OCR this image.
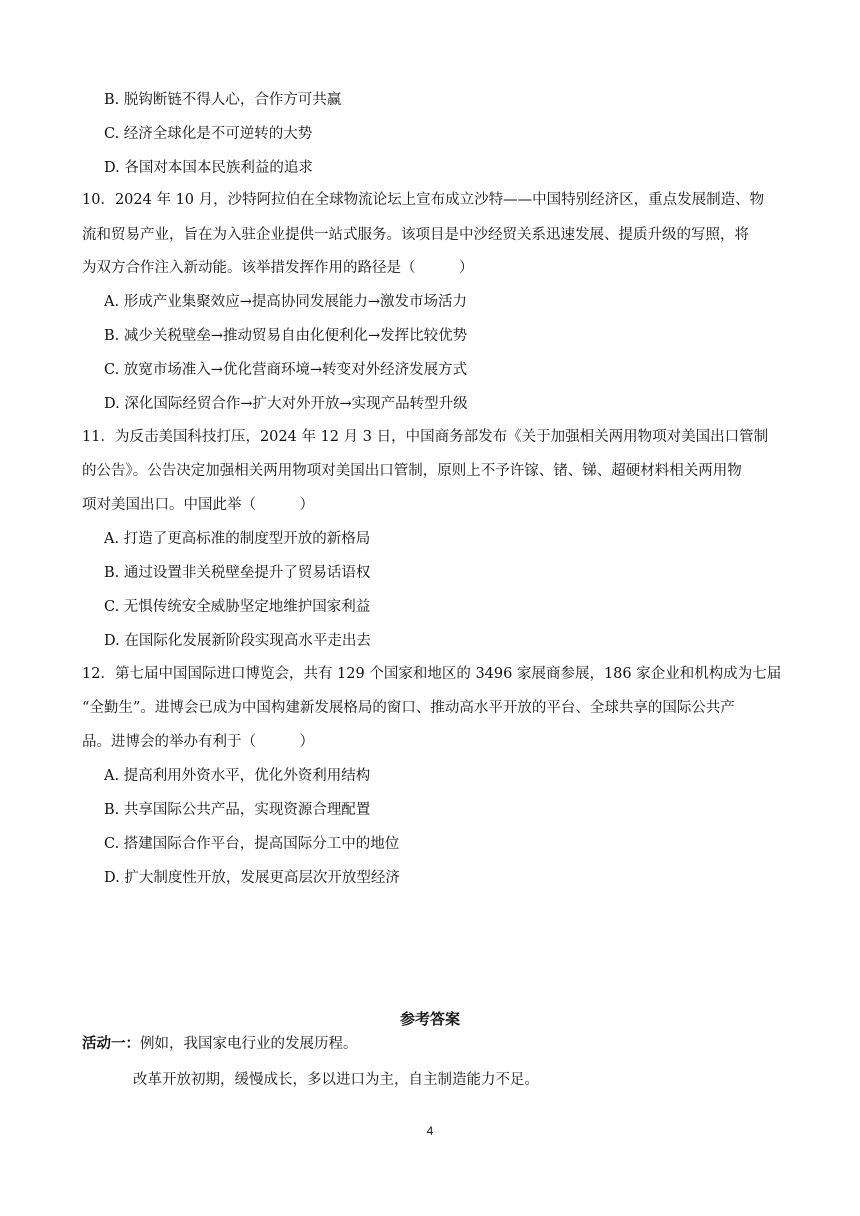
B. 脱钩断链不得人心，合作方可共赢
C. 经济全球化是不可逆转的大势
D. 各国对本国本民族利益的追求
10．2024 年 10 月，沙特阿拉伯在全球物流论坛上宣布成立沙特——中国特别经济区，重点发展制造、物
流和贸易产业，旨在为入驻企业提供一站式服务。该项目是中沙经贸关系迅速发展、提质升级的写照，将
为双方合作注入新动能。该举措发挥作用的路径是（　　　）
A. 形成产业集聚效应→提高协同发展能力→激发市场活力
B. 减少关税壁垒→推动贸易自由化便利化→发挥比较优势
C. 放宽市场准入→优化营商环境→转变对外经济发展方式
D. 深化国际经贸合作→扩大对外开放→实现产品转型升级
11．为反击美国科技打压，2024 年 12 月 3 日，中国商务部发布《关于加强相关两用物项对美国出口管制
的公告》。公告决定加强相关两用物项对美国出口管制，原则上不予许镓、锗、锑、超硬材料相关两用物
项对美国出口。中国此举（　　　）
A. 打造了更高标准的制度型开放的新格局
B. 通过设置非关税壁垒提升了贸易话语权
C. 无惧传统安全威胁坚定地维护国家利益
D. 在国际化发展新阶段实现高水平走出去
12．第七届中国国际进口博览会，共有 129 个国家和地区的 3496 家展商参展，186 家企业和机构成为七届
“全勤生”。进博会已成为中国构建新发展格局的窗口、推动高水平开放的平台、全球共享的国际公共产
品。进博会的举办有利于（　　　）
A. 提高利用外资水平，优化外资利用结构
B. 共享国际公共产品，实现资源合理配置
C. 搭建国际合作平台，提高国际分工中的地位
D. 扩大制度性开放，发展更高层次开放型经济
参考答案
活动一：例如，我国家电行业的发展历程。
改革开放初期，缓慢成长，多以进口为主，自主制造能力不足。
4
